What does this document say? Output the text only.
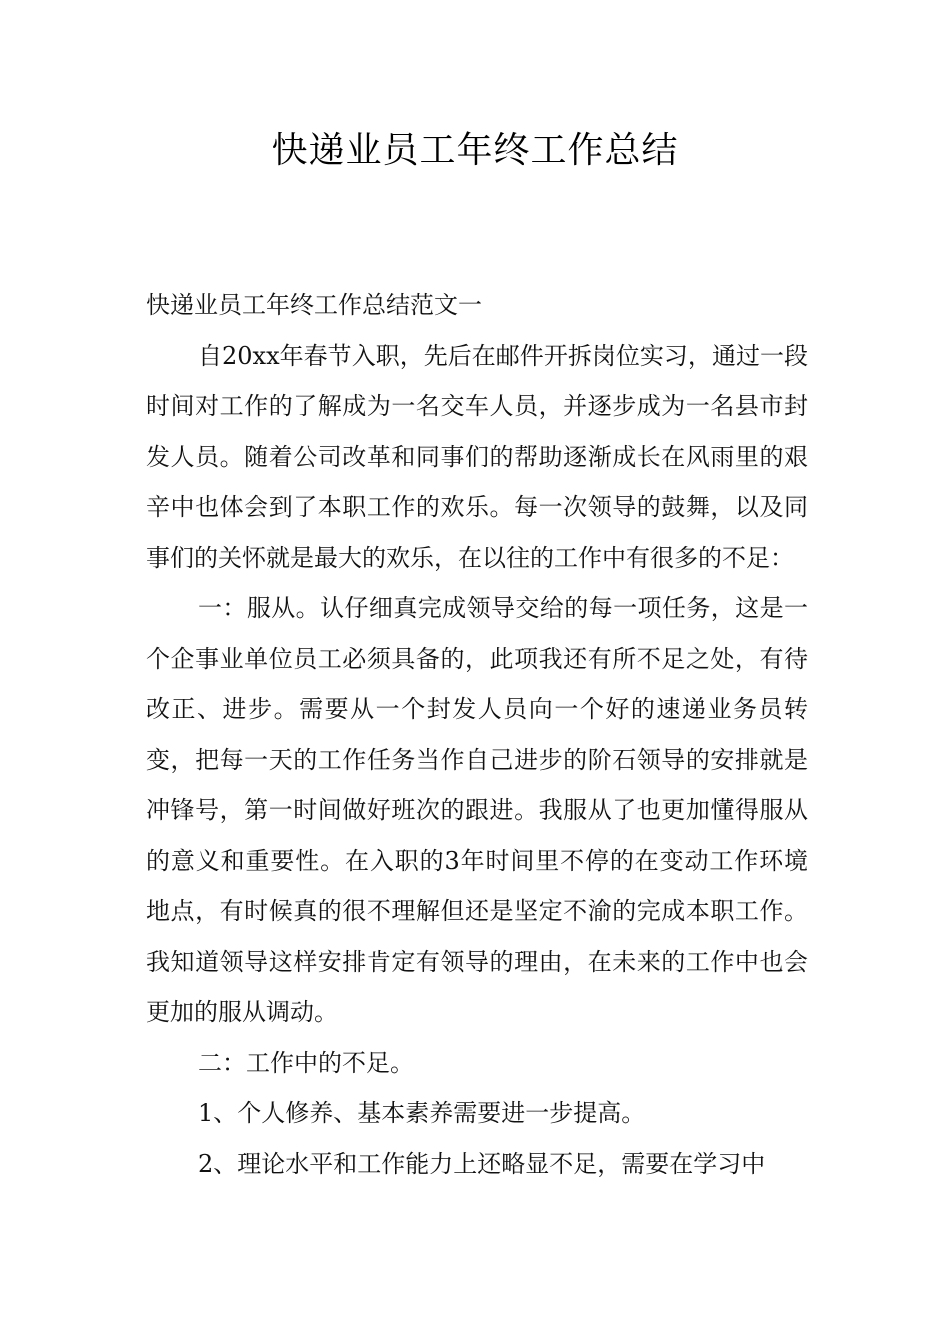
快递业员工年终工作总结

快递业员工年终工作总结范文一

自20xx年春节入职，先后在邮件开拆岗位实习，通过一段时间对工作的了解成为一名交车人员，并逐步成为一名县市封发人员。随着公司改革和同事们的帮助逐渐成长在风雨里的艰辛中也体会到了本职工作的欢乐。每一次领导的鼓舞，以及同事们的关怀就是最大的欢乐，在以往的工作中有很多的不足：

一：服从。认仔细真完成领导交给的每一项任务，这是一个企事业单位员工必须具备的，此项我还有所不足之处，有待改正、进步。需要从一个封发人员向一个好的速递业务员转变，把每一天的工作任务当作自己进步的阶石领导的安排就是冲锋号，第一时间做好班次的跟进。我服从了也更加懂得服从的意义和重要性。在入职的3年时间里不停的在变动工作环境地点，有时候真的很不理解但还是坚定不渝的完成本职工作。我知道领导这样安排肯定有领导的理由，在未来的工作中也会更加的服从调动。

二：工作中的不足。

1、个人修养、基本素养需要进一步提高。

2、理论水平和工作能力上还略显不足，需要在学习中
